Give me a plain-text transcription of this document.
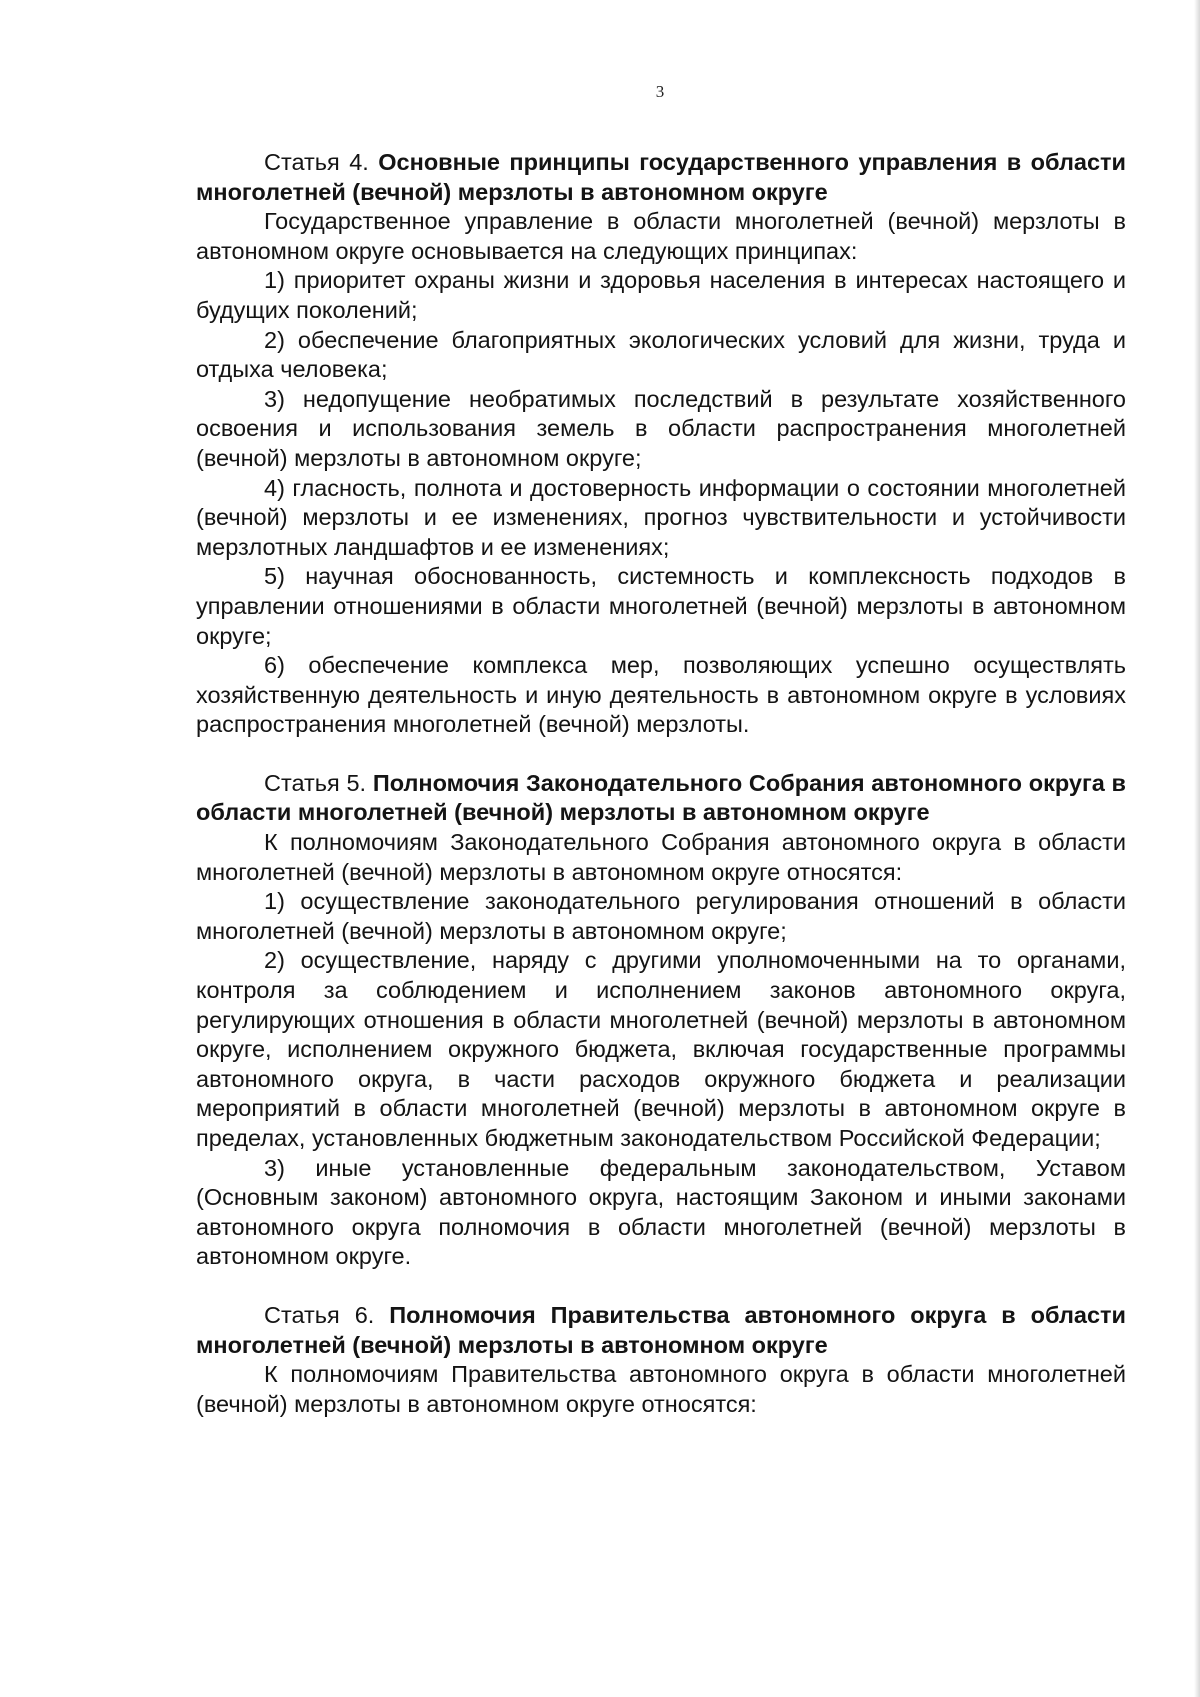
3

Статья 4. Основные принципы государственного управления в области многолетней (вечной) мерзлоты в автономном округе

Государственное управление в области многолетней (вечной) мерзлоты в автономном округе основывается на следующих принципах:

1) приоритет охраны жизни и здоровья населения в интересах настоящего и будущих поколений;

2) обеспечение благоприятных экологических условий для жизни, труда и отдыха человека;

3) недопущение необратимых последствий в результате хозяйственного освоения и использования земель в области распространения многолетней (вечной) мерзлоты в автономном округе;

4) гласность, полнота и достоверность информации о состоянии многолетней (вечной) мерзлоты и ее изменениях, прогноз чувствительности и устойчивости мерзлотных ландшафтов и ее изменениях;

5) научная обоснованность, системность и комплексность подходов в управлении отношениями в области многолетней (вечной) мерзлоты в автономном округе;

6) обеспечение комплекса мер, позволяющих успешно осуществлять хозяйственную деятельность и иную деятельность в автономном округе в условиях распространения многолетней (вечной) мерзлоты.

Статья 5. Полномочия Законодательного Собрания автономного округа в области многолетней (вечной) мерзлоты в автономном округе

К полномочиям Законодательного Собрания автономного округа в области многолетней (вечной) мерзлоты в автономном округе относятся:

1) осуществление законодательного регулирования отношений в области многолетней (вечной) мерзлоты в автономном округе;

2) осуществление, наряду с другими уполномоченными на то органами, контроля за соблюдением и исполнением законов автономного округа, регулирующих отношения в области многолетней (вечной) мерзлоты в автономном округе, исполнением окружного бюджета, включая государственные программы автономного округа, в части расходов окружного бюджета и реализации мероприятий в области многолетней (вечной) мерзлоты в автономном округе в пределах, установленных бюджетным законодательством Российской Федерации;

3) иные установленные федеральным законодательством, Уставом (Основным законом) автономного округа, настоящим Законом и иными законами автономного округа полномочия в области многолетней (вечной) мерзлоты в автономном округе.

Статья 6. Полномочия Правительства автономного округа в области многолетней (вечной) мерзлоты в автономном округе

К полномочиям Правительства автономного округа в области многолетней (вечной) мерзлоты в автономном округе относятся:
